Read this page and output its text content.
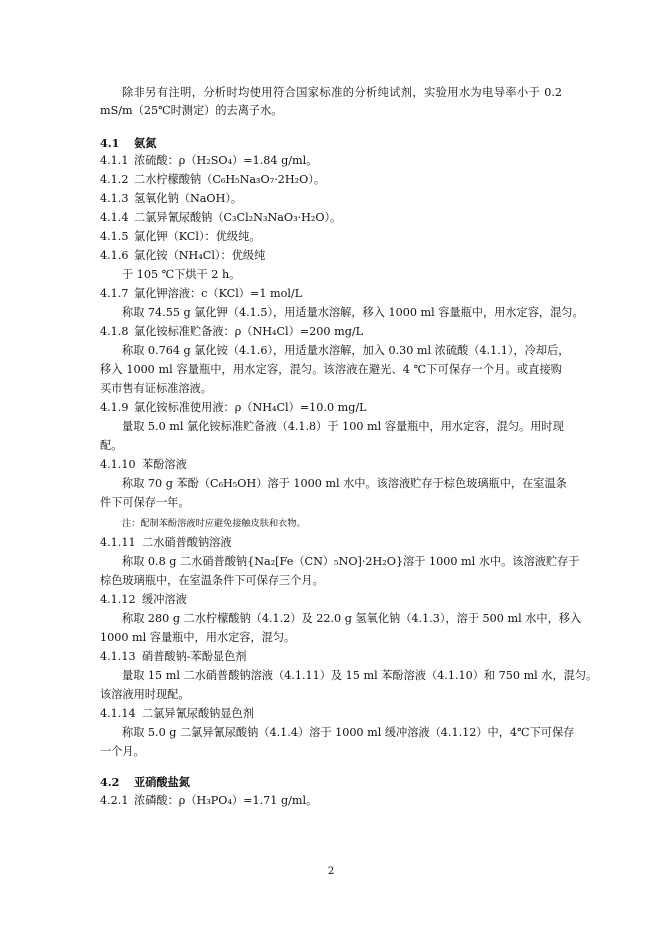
除非另有注明，分析时均使用符合国家标准的分析纯试剂，实验用水为电导率小于 0.2
mS/m（25℃时测定）的去离子水。
4.1 氨氮
4.1.1 浓硫酸：ρ（H₂SO₄）=1.84 g/ml。
4.1.2 二水柠檬酸钠（C₆H₅Na₃O₇·2H₂O）。
4.1.3 氢氧化钠（NaOH）。
4.1.4 二氯异氰尿酸钠（C₃Cl₂N₃NaO₃·H₂O）。
4.1.5 氯化钾（KCl）：优级纯。
4.1.6 氯化铵（NH₄Cl）：优级纯
于 105 ℃下烘干 2 h。
4.1.7 氯化钾溶液：c（KCl）=1 mol/L
称取 74.55 g 氯化钾（4.1.5），用适量水溶解，移入 1000 ml 容量瓶中，用水定容，混匀。
4.1.8 氯化铵标准贮备液：ρ（NH₄Cl）=200 mg/L
称取 0.764 g 氯化铵（4.1.6），用适量水溶解，加入 0.30 ml 浓硫酸（4.1.1），冷却后，
移入 1000 ml 容量瓶中，用水定容，混匀。该溶液在避光、4 ℃下可保存一个月。或直接购
买市售有证标准溶液。
4.1.9 氯化铵标准使用液：ρ（NH₄Cl）=10.0 mg/L
量取 5.0 ml 氯化铵标准贮备液（4.1.8）于 100 ml 容量瓶中，用水定容，混匀。用时现
配。
4.1.10 苯酚溶液
称取 70 g 苯酚（C₆H₅OH）溶于 1000 ml 水中。该溶液贮存于棕色玻璃瓶中，在室温条
件下可保存一年。
注：配制苯酚溶液时应避免接触皮肤和衣物。
4.1.11 二水硝普酸钠溶液
称取 0.8 g 二水硝普酸钠{Na₂[Fe（CN）₅NO]·2H₂O}溶于 1000 ml 水中。该溶液贮存于
棕色玻璃瓶中，在室温条件下可保存三个月。
4.1.12 缓冲溶液
称取 280 g 二水柠檬酸钠（4.1.2）及 22.0 g 氢氧化钠（4.1.3），溶于 500 ml 水中，移入
1000 ml 容量瓶中，用水定容，混匀。
4.1.13 硝普酸钠-苯酚显色剂
量取 15 ml 二水硝普酸钠溶液（4.1.11）及 15 ml 苯酚溶液（4.1.10）和 750 ml 水，混匀。
该溶液用时现配。
4.1.14 二氯异氰尿酸钠显色剂
称取 5.0 g 二氯异氰尿酸钠（4.1.4）溶于 1000 ml 缓冲溶液（4.1.12）中，4℃下可保存
一个月。
4.2 亚硝酸盐氮
4.2.1 浓磷酸：ρ（H₃PO₄）=1.71 g/ml。
2
